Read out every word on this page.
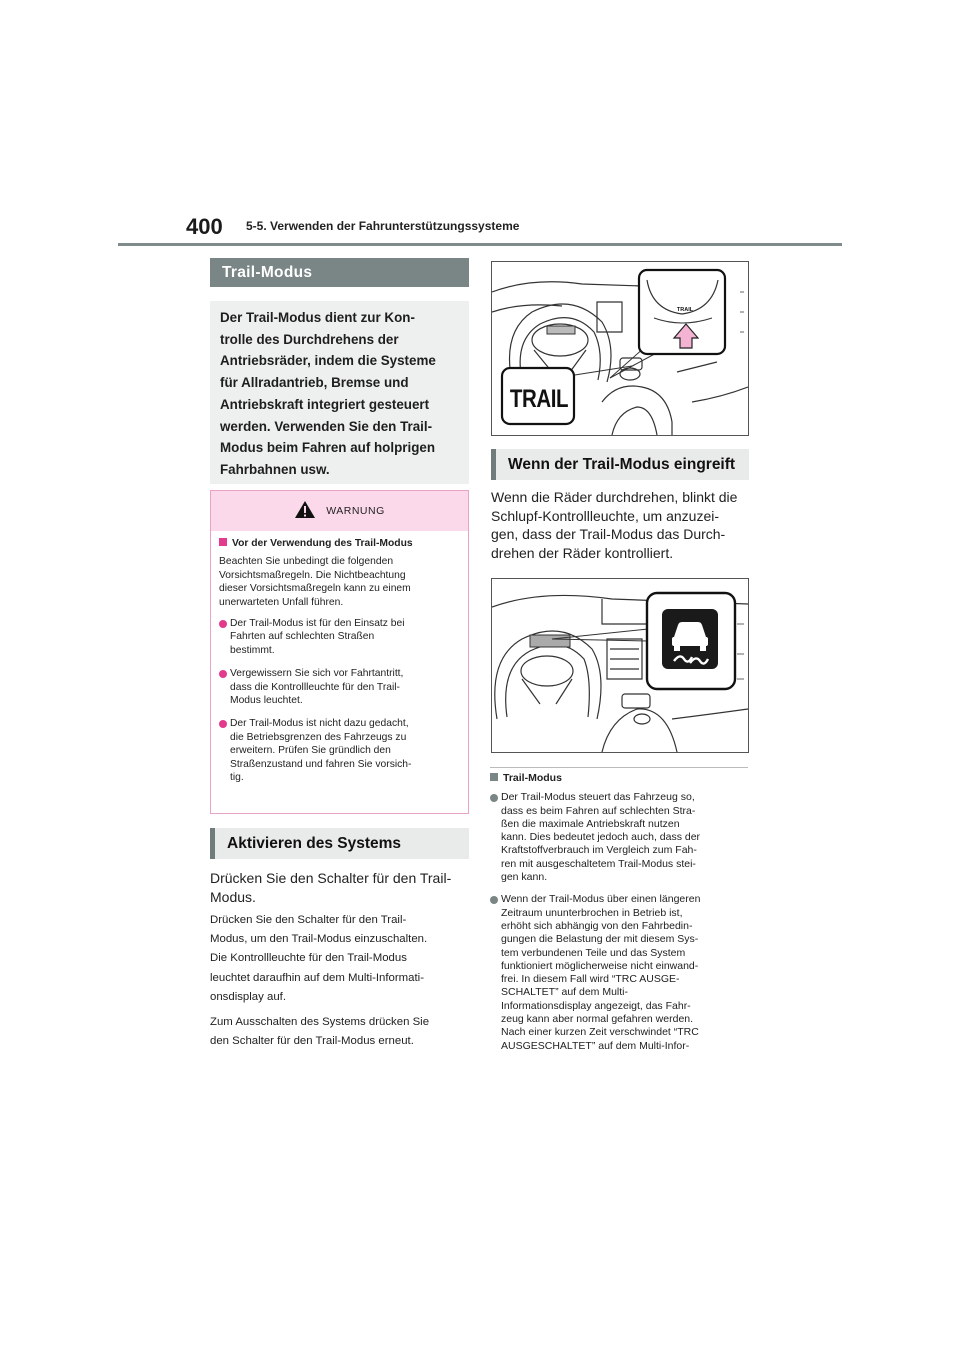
400 5-5. Verwenden der Fahrunterstützungssysteme
Trail-Modus
Der Trail-Modus dient zur Kon-
trolle des Durchdrehens der
Antriebsräder, indem die Systeme
für Allradantrieb, Bremse und
Antriebskraft integriert gesteuert
werden. Verwenden Sie den Trail-
Modus beim Fahren auf holprigen
Fahrbahnen usw.
WARNUNG
Vor der Verwendung des Trail-Modus
Beachten Sie unbedingt die folgenden
Vorsichtsmaßregeln. Die Nichtbeachtung
dieser Vorsichtsmaßregeln kann zu einem
unerwarteten Unfall führen.
Der Trail-Modus ist für den Einsatz bei
Fahrten auf schlechten Straßen
bestimmt.
Vergewissern Sie sich vor Fahrtantritt,
dass die Kontrollleuchte für den Trail-
Modus leuchtet.
Der Trail-Modus ist nicht dazu gedacht,
die Betriebsgrenzen des Fahrzeugs zu
erweitern. Prüfen Sie gründlich den
Straßenzustand und fahren Sie vorsich-
tig.
Aktivieren des Systems
Drücken Sie den Schalter für den Trail-
Modus.
Drücken Sie den Schalter für den Trail-
Modus, um den Trail-Modus einzuschalten.
Die Kontrollleuchte für den Trail-Modus
leuchtet daraufhin auf dem Multi-Informati-
onsdisplay auf.
Zum Ausschalten des Systems drücken Sie
den Schalter für den Trail-Modus erneut.
TRAIL
TRAIL
Wenn der Trail-Modus eingreift
Wenn die Räder durchdrehen, blinkt die
Schlupf-Kontrollleuchte, um anzuzei-
gen, dass der Trail-Modus das Durch-
drehen der Räder kontrolliert.
Trail-Modus
Der Trail-Modus steuert das Fahrzeug so,
dass es beim Fahren auf schlechten Stra-
ßen die maximale Antriebskraft nutzen
kann. Dies bedeutet jedoch auch, dass der
Kraftstoffverbrauch im Vergleich zum Fah-
ren mit ausgeschaltetem Trail-Modus stei-
gen kann.
Wenn der Trail-Modus über einen längeren
Zeitraum ununterbrochen in Betrieb ist,
erhöht sich abhängig von den Fahrbedin-
gungen die Belastung der mit diesem Sys-
tem verbundenen Teile und das System
funktioniert möglicherweise nicht einwand-
frei. In diesem Fall wird “TRC AUSGE-
SCHALTET” auf dem Multi-
Informationsdisplay angezeigt, das Fahr-
zeug kann aber normal gefahren werden.
Nach einer kurzen Zeit verschwindet “TRC
AUSGESCHALTET” auf dem Multi-Infor-
